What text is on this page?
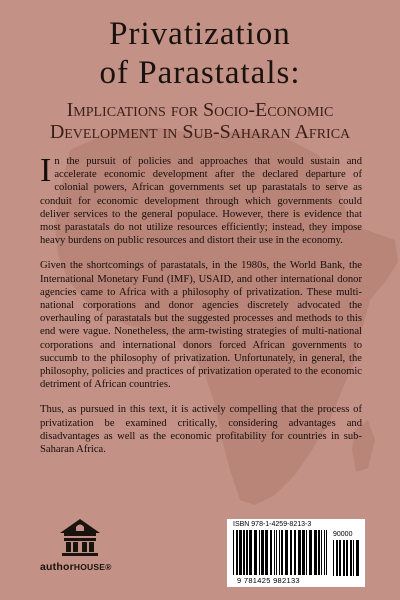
Privatization
of Parastatals:
Implications for Socio-Economic
Development in Sub-Saharan Africa

In the pursuit of policies and approaches that would sustain and accelerate economic development after the declared departure of colonial powers, African governments set up parastatals to serve as conduit for economic development through which governments could deliver services to the general populace. However, there is evidence that most parastatals do not utilize resources efficiently; instead, they impose heavy burdens on public resources and distort their use in the economy.

Given the shortcomings of parastatals, in the 1980s, the World Bank, the International Monetary Fund (IMF), USAID, and other international donor agencies came to Africa with a philosophy of privatization. These multi-national corporations and donor agencies discretely advocated the overhauling of parastatals but the suggested processes and methods to this end were vague. Nonetheless, the arm-twisting strategies of multi-national corporations and international donors forced African governments to succumb to the philosophy of privatization. Unfortunately, in general, the philosophy, policies and practices of privatization operated to the economic detriment of African countries.

Thus, as pursued in this text, it is actively compelling that the process of privatization be examined critically, considering advantages and disadvantages as well as the economic profitability for countries in sub-Saharan Africa.

authorHOUSE®
ISBN 978-1-4259-8213-3
90000
9 781425 982133
